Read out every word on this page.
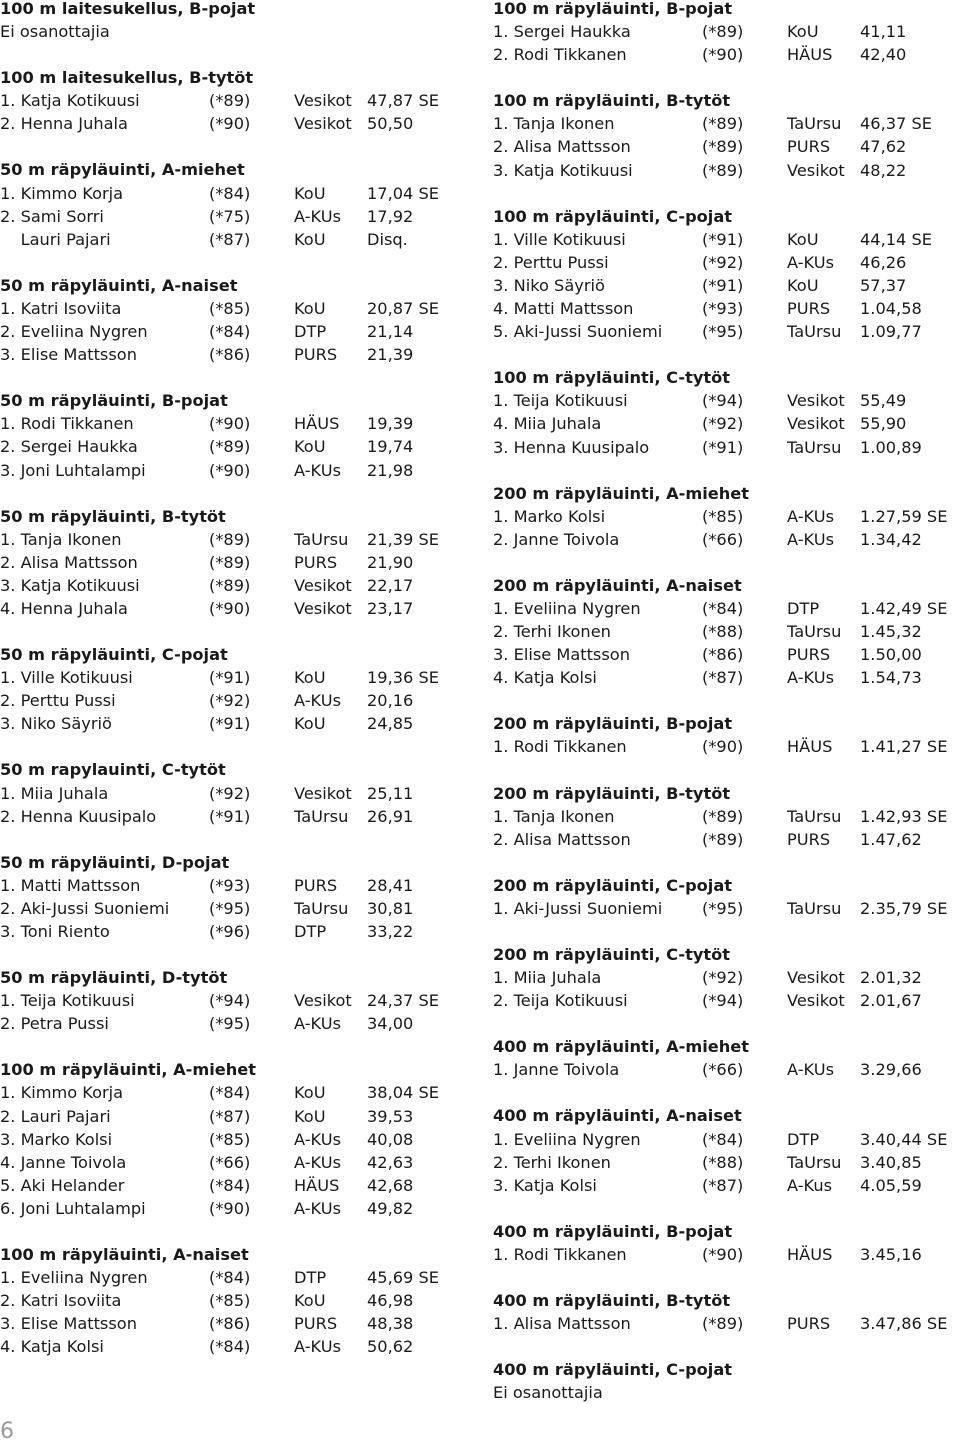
100 m laitesukellus, B-pojat
Ei osanottajia
100 m laitesukellus, B-tytöt
1. Katja Kotikuusi	(*89)	Vesikot 47,87 SE
2. Henna Juhala	(*90)	Vesikot 50,50
50 m räpyläuinti, A-miehet
1. Kimmo Korja	(*84)	KoU	17,04 SE
2. Sami Sorri	(*75)	A-KUs 17,92
Lauri Pajari	(*87)	KoU	Disq.
50 m räpyläuinti, A-naiset
1. Katri Isoviita	(*85)	KoU	20,87 SE
2. Eveliina Nygren	(*84)	DTP	21,14
3. Elise Mattsson	(*86)	PURS 21,39
50 m räpyläuinti, B-pojat
1. Rodi Tikkanen	(*90)	HÄUS 19,39
2. Sergei Haukka	(*89)	KoU	19,74
3. Joni Luhtalampi	(*90)	A-KUs 21,98
50 m räpyläuinti, B-tytöt
1. Tanja Ikonen	(*89)	TaUrsu 21,39 SE
2. Alisa Mattsson	(*89)	PURS 21,90
3. Katja Kotikuusi	(*89)	Vesikot 22,17
4. Henna Juhala	(*90)	Vesikot 23,17
50 m räpyläuinti, C-pojat
1. Ville Kotikuusi	(*91)	KoU	19,36 SE
2. Perttu Pussi	(*92)	A-KUs 20,16
3. Niko Säyriö	(*91)	KoU	24,85
50 m rapylauinti, C-tytöt
1. Miia Juhala	(*92)	Vesikot 25,11
2. Henna Kuusipalo	(*91)	TaUrsu 26,91
50 m räpyläuinti, D-pojat
1. Matti Mattsson	(*93)	PURS 28,41
2. Aki-Jussi Suoniemi (*95)	TaUrsu 30,81
3. Toni Riento	(*96)	DTP	33,22
50 m räpyläuinti, D-tytöt
1. Teija Kotikuusi	(*94)	Vesikot 24,37 SE
2. Petra Pussi	(*95)	A-KUs 34,00
100 m räpyläuinti, A-miehet
1. Kimmo Korja	(*84)	KoU	38,04 SE
2. Lauri Pajari	(*87)	KoU	39,53
3. Marko Kolsi	(*85)	A-KUs 40,08
4. Janne Toivola	(*66)	A-KUs 42,63
5. Aki Helander	(*84)	HÄUS 42,68
6. Joni Luhtalampi	(*90)	A-KUs 49,82
100 m räpyläuinti, A-naiset
1. Eveliina Nygren	(*84)	DTP	45,69 SE
2. Katri Isoviita	(*85)	KoU	46,98
3. Elise Mattsson	(*86)	PURS 48,38
4. Katja Kolsi	(*84)	A-KUs 50,62
100 m räpyläuinti, B-pojat
1. Sergei Haukka	(*89)	KoU	41,11
2. Rodi Tikkanen	(*90)	HÄUS 42,40
100 m räpyläuinti, B-tytöt
1. Tanja Ikonen	(*89)	TaUrsu 46,37 SE
2. Alisa Mattsson	(*89)	PURS 47,62
3. Katja Kotikuusi	(*89)	Vesikot 48,22
100 m räpyläuinti, C-pojat
1. Ville Kotikuusi	(*91)	KoU	44,14 SE
2. Perttu Pussi	(*92)	A-KUs 46,26
3. Niko Säyriö	(*91)	KoU	57,37
4. Matti Mattsson	(*93)	PURS 1.04,58
5. Aki-Jussi Suoniemi (*95)	TaUrsu 1.09,77
100 m räpyläuinti, C-tytöt
1. Teija Kotikuusi	(*94)	Vesikot 55,49
4. Miia Juhala	(*92)	Vesikot 55,90
3. Henna Kuusipalo	(*91)	TaUrsu 1.00,89
200 m räpyläuinti, A-miehet
1. Marko Kolsi	(*85)	A-KUs 1.27,59 SE
2. Janne Toivola	(*66)	A-KUs 1.34,42
200 m räpyläuinti, A-naiset
1. Eveliina Nygren	(*84)	DTP	1.42,49 SE
2. Terhi Ikonen	(*88)	TaUrsu 1.45,32
3. Elise Mattsson	(*86)	PURS 1.50,00
4. Katja Kolsi	(*87)	A-KUs 1.54,73
200 m räpyläuinti, B-pojat
1. Rodi Tikkanen	(*90)	HÄUS 1.41,27 SE
200 m räpyläuinti, B-tytöt
1. Tanja Ikonen	(*89)	TaUrsu 1.42,93 SE
2. Alisa Mattsson	(*89)	PURS 1.47,62
200 m räpyläuinti, C-pojat
1. Aki-Jussi Suoniemi (*95)	TaUrsu 2.35,79 SE
200 m räpyläuinti, C-tytöt
1. Miia Juhala	(*92)	Vesikot 2.01,32
2. Teija Kotikuusi	(*94)	Vesikot 2.01,67
400 m räpyläuinti, A-miehet
1. Janne Toivola	(*66)	A-KUs 3.29,66
400 m räpyläuinti, A-naiset
1. Eveliina Nygren	(*84)	DTP	3.40,44 SE
2. Terhi Ikonen	(*88)	TaUrsu 3.40,85
3. Katja Kolsi	(*87)	A-Kus 4.05,59
400 m räpyläuinti, B-pojat
1. Rodi Tikkanen	(*90)	HÄUS 3.45,16
400 m räpyläuinti, B-tytöt
1. Alisa Mattsson	(*89)	PURS 3.47,86 SE
400 m räpyläuinti, C-pojat
Ei osanottajia
6
